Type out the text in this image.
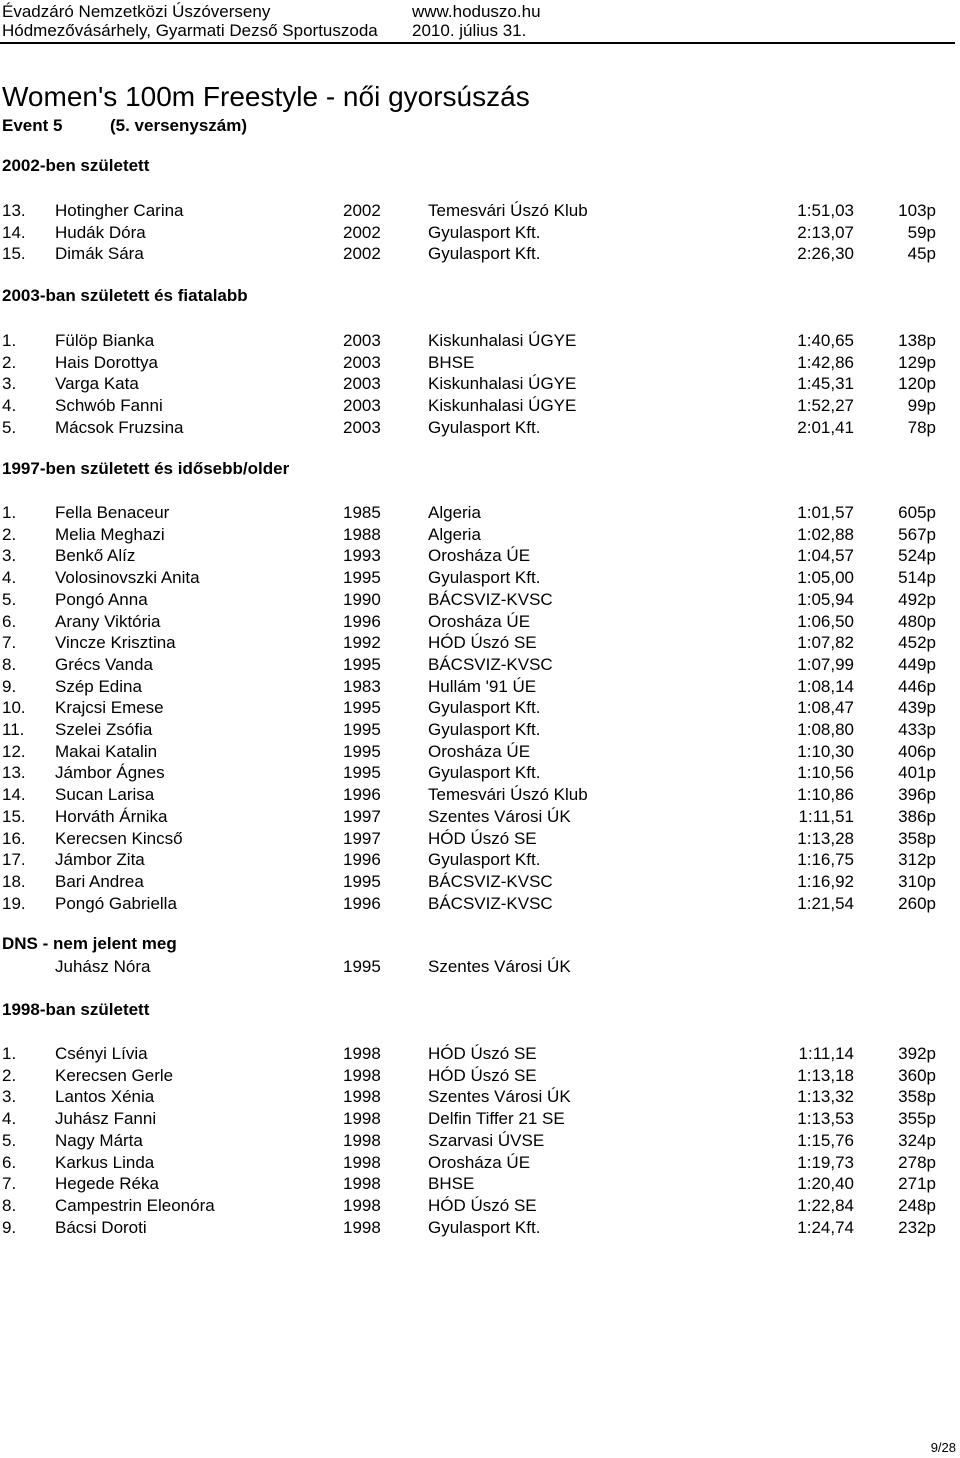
Évadzáró Nemzetközi Úszóverseny
Hódmezővásárhely, Gyarmati Dezső Sportuszoda
www.hoduszo.hu
2010. július 31.
Women's 100m Freestyle - női gyorsúszás
Event 5	(5. versenyszám)
2002-ben született
13. Hotingher Carina	2002	Temesvári Úszó Klub	1:51,03	103p
14. Hudák Dóra	2002	Gyulasport Kft.	2:13,07	59p
15. Dimák Sára	2002	Gyulasport Kft.	2:26,30	45p
2003-ban született és fiatalabb
1. Fülöp Bianka	2003	Kiskunhalasi ÚGYE	1:40,65	138p
2. Hais Dorottya	2003	BHSE	1:42,86	129p
3. Varga Kata	2003	Kiskunhalasi ÚGYE	1:45,31	120p
4. Schwób Fanni	2003	Kiskunhalasi ÚGYE	1:52,27	99p
5. Mácsok Fruzsina	2003	Gyulasport Kft.	2:01,41	78p
1997-ben született és idősebb/older
1. Fella Benaceur	1985	Algeria	1:01,57	605p
2. Melia Meghazi	1988	Algeria	1:02,88	567p
3. Benkő Alíz	1993	Orosháza ÚE	1:04,57	524p
4. Volosinovszki Anita	1995	Gyulasport Kft.	1:05,00	514p
5. Pongó Anna	1990	BÁCSVIZ-KVSC	1:05,94	492p
6. Arany Viktória	1996	Orosháza ÚE	1:06,50	480p
7. Vincze Krisztina	1992	HÓD Úszó SE	1:07,82	452p
8. Grécs Vanda	1995	BÁCSVIZ-KVSC	1:07,99	449p
9. Szép Edina	1983	Hullám '91 ÚE	1:08,14	446p
10. Krajcsi Emese	1995	Gyulasport Kft.	1:08,47	439p
11. Szelei Zsófia	1995	Gyulasport Kft.	1:08,80	433p
12. Makai Katalin	1995	Orosháza ÚE	1:10,30	406p
13. Jámbor Ágnes	1995	Gyulasport Kft.	1:10,56	401p
14. Sucan Larisa	1996	Temesvári Úszó Klub	1:10,86	396p
15. Horváth Árnika	1997	Szentes Városi ÚK	1:11,51	386p
16. Kerecsen Kincső	1997	HÓD Úszó SE	1:13,28	358p
17. Jámbor Zita	1996	Gyulasport Kft.	1:16,75	312p
18. Bari Andrea	1995	BÁCSVIZ-KVSC	1:16,92	310p
19. Pongó Gabriella	1996	BÁCSVIZ-KVSC	1:21,54	260p
DNS - nem jelent meg
Juhász Nóra	1995	Szentes Városi ÚK
1998-ban született
1. Csényi Lívia	1998	HÓD Úszó SE	1:11,14	392p
2. Kerecsen Gerle	1998	HÓD Úszó SE	1:13,18	360p
3. Lantos Xénia	1998	Szentes Városi ÚK	1:13,32	358p
4. Juhász Fanni	1998	Delfin Tiffer 21 SE	1:13,53	355p
5. Nagy Márta	1998	Szarvasi ÚVSE	1:15,76	324p
6. Karkus Linda	1998	Orosháza ÚE	1:19,73	278p
7. Hegede Réka	1998	BHSE	1:20,40	271p
8. Campestrin Eleonóra	1998	HÓD Úszó SE	1:22,84	248p
9. Bácsi Doroti	1998	Gyulasport Kft.	1:24,74	232p
9/28
